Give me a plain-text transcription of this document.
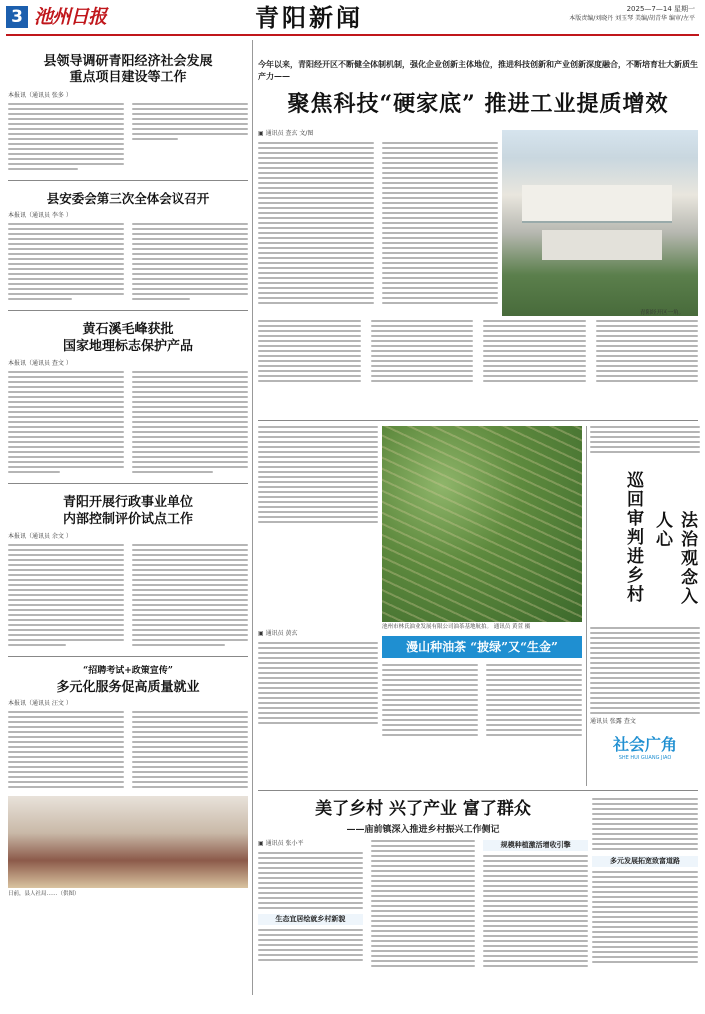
3 池州日报	青阳新闻	2025—7—14 星期一
本版责编/刘晓丹 刘玉琴 美编/胡青华 编审/左平
县领导调研青阳经济社会发展
重点项目建设等工作
本报讯（通讯员 张多 ）
县安委会第三次全体会议召开
本报讯（通讯员 李冬 ）
黄石溪毛峰获批
国家地理标志保护产品
本报讯（通讯员 查文 ）
青阳开展行政事业单位
内部控制评价试点工作
本报讯（通讯员 余文 ）
“招聘考试+政策宣传”
多元化服务促高质量就业
本报讯（通讯员 汪文 ）
日前，县人社局……（供图）
今年以来，青阳经开区不断健全体制机制，强化企业创新主体地位，推进科技创新和产业创新深度融合，不断培育壮大新质生产力——
聚焦科技“硬家底” 推进工业提质增效
▣ 通讯员 查玄 文/图
青阳经开区一角。
池州市林氏油业发展有限公司油茶基地航拍。 通讯员 黄萱 摄
漫山种油茶 “披绿”又“生金”
▣ 通讯员 黄玄
巡回审判进乡村	法治观念入人心
通讯员 张露 查文
社会广角
SHE HUI GUANG JIAO
美了乡村 兴了产业 富了群众
——庙前镇深入推进乡村振兴工作侧记
▣ 通讯员 张小平
生态宜居绘就乡村新貌
规模种植激活增收引擎
多元发展拓宽致富道路
